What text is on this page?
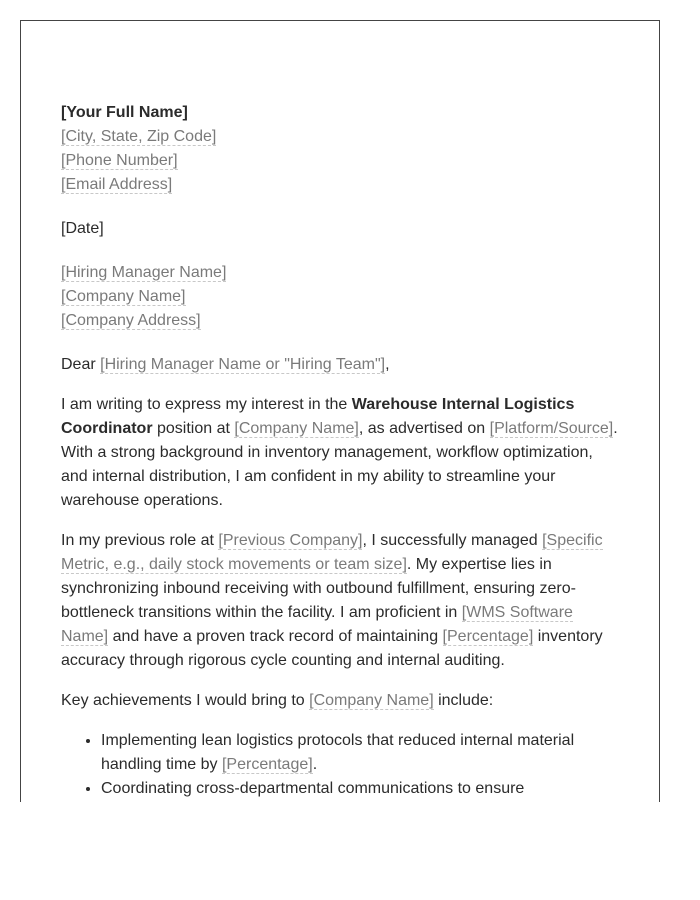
[Your Full Name]
[City, State, Zip Code]
[Phone Number]
[Email Address]
[Date]
[Hiring Manager Name]
[Company Name]
[Company Address]

Dear [Hiring Manager Name or "Hiring Team"],

I am writing to express my interest in the Warehouse Internal Logistics Coordinator position at [Company Name], as advertised on [Platform/Source]. With a strong background in inventory management, workflow optimization, and internal distribution, I am confident in my ability to streamline your warehouse operations.

In my previous role at [Previous Company], I successfully managed [Specific Metric, e.g., daily stock movements or team size]. My expertise lies in synchronizing inbound receiving with outbound fulfillment, ensuring zero-bottleneck transitions within the facility. I am proficient in [WMS Software Name] and have a proven track record of maintaining [Percentage] inventory accuracy through rigorous cycle counting and internal auditing.

Key achievements I would bring to [Company Name] include:

• Implementing lean logistics protocols that reduced internal material handling time by [Percentage].
• Coordinating cross-departmental communications to ensure
